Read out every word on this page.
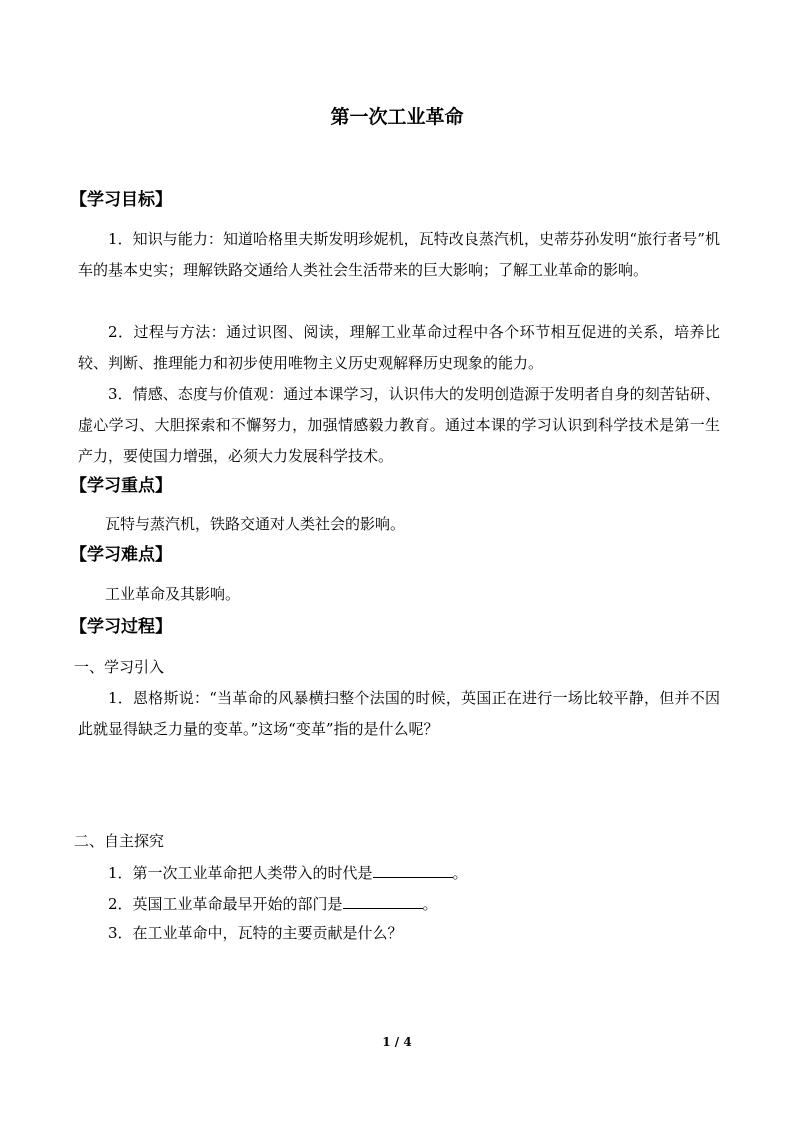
第一次工业革命
【学习目标】

1．知识与能力：知道哈格里夫斯发明珍妮机，瓦特改良蒸汽机，史蒂芬孙发明“旅行者号”机车的基本史实；理解铁路交通给人类社会生活带来的巨大影响；了解工业革命的影响。

2．过程与方法：通过识图、阅读，理解工业革命过程中各个环节相互促进的关系，培养比较、判断、推理能力和初步使用唯物主义历史观解释历史现象的能力。

3．情感、态度与价值观：通过本课学习，认识伟大的发明创造源于发明者自身的刻苦钻研、虚心学习、大胆探索和不懈努力，加强情感毅力教育。通过本课的学习认识到科学技术是第一生产力，要使国力增强，必须大力发展科学技术。

【学习重点】
瓦特与蒸汽机，铁路交通对人类社会的影响。
【学习难点】
工业革命及其影响。
【学习过程】
一、学习引入

1．恩格斯说：“当革命的风暴横扫整个法国的时候，英国正在进行一场比较平静，但并不因此就显得缺乏力量的变革。”这场“变革”指的是什么呢？

二、自主探究
1．第一次工业革命把人类带入的时代是	。
2．英国工业革命最早开始的部门是	。
3．在工业革命中，瓦特的主要贡献是什么？
1 / 4
